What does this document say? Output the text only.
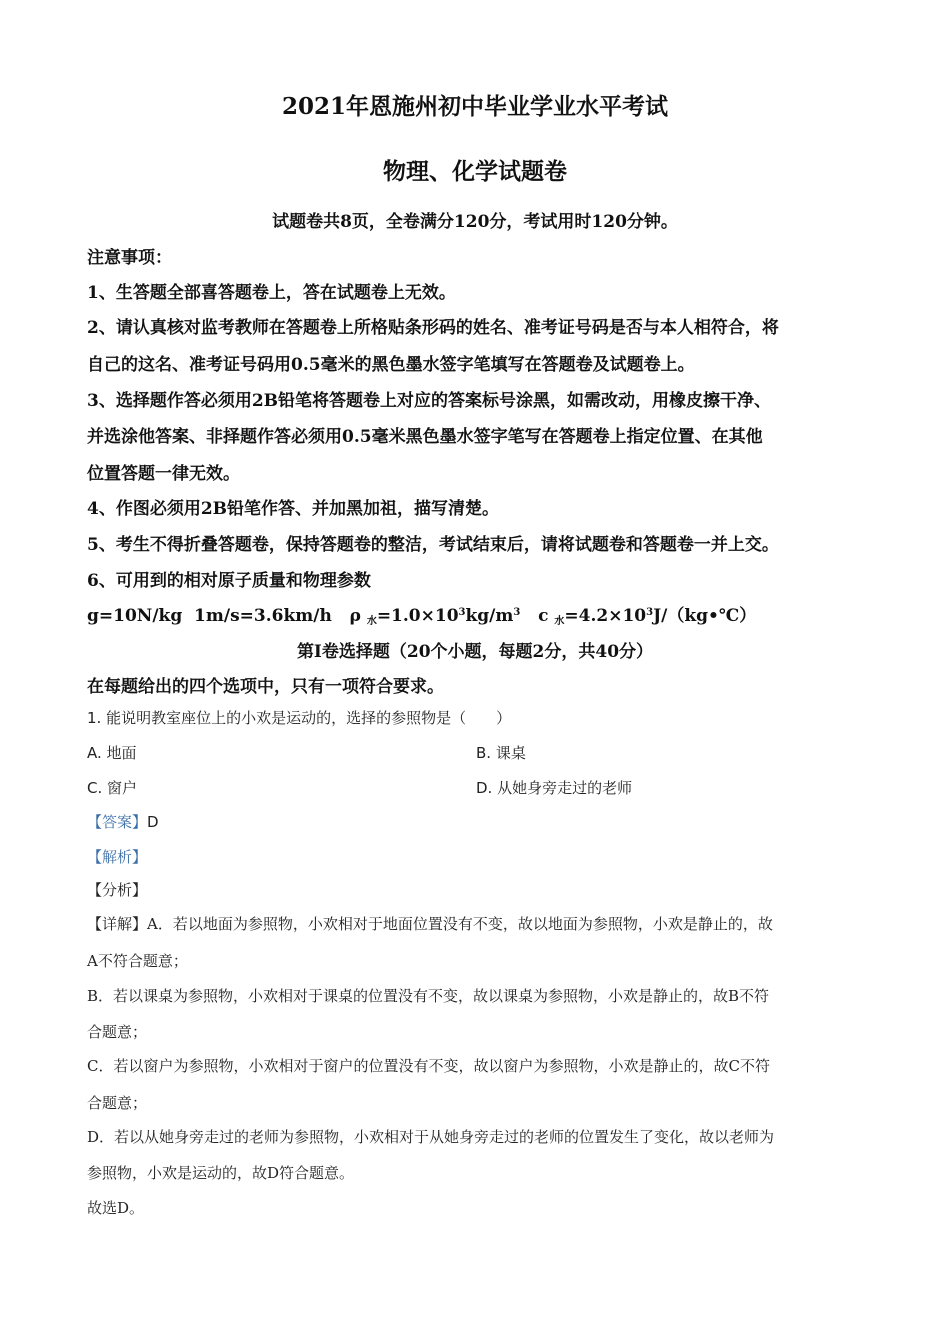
2021年恩施州初中毕业学业水平考试
物理、化学试题卷
试题卷共8页，全卷满分120分，考试用时120分钟。
注意事项：
1、生答题全部喜答题卷上，答在试题卷上无效。
2、请认真核对监考教师在答题卷上所格贴条形码的姓名、准考证号码是否与本人相符合，将
自己的这名、准考证号码用0.5毫米的黑色墨水签字笔填写在答题卷及试题卷上。
3、选择题作答必须用2B铅笔将答题卷上对应的答案标号涂黑，如需改动，用橡皮擦干净、
并选涂他答案、非择题作答必须用0.5毫米黑色墨水签字笔写在答题卷上指定位置、在其他
位置答题一律无效。
4、作图必须用2B铅笔作答、并加黑加祖，描写清楚。
5、考生不得折叠答题卷，保持答题卷的整洁，考试结束后，请将试题卷和答题卷一并上交。
6、可用到的相对原子质量和物理参数
g=10N/kg 1m/s=3.6km/h ρ $_水=1.0\times 10^3kg/m^3$ c $_水=4.2\times 10^3J/(kg•℃)$
第I卷选择题（20个小题，每题2分，共40分）
在每题给出的四个选项中，只有一项符合要求。
1. 能说明教室座位上的小欢是运动的，选择的参照物是（　　）
A. 地面	B. 课桌
C. 窗户	D. 从她身旁走过的老师
【答案】D
【解析】
【分析】
【详解】A．若以地面为参照物，小欢相对于地面位置没有不变，故以地面为参照物，小欢是静止的，故
A不符合题意；
B．若以课桌为参照物，小欢相对于课桌的位置没有不变，故以课桌为参照物，小欢是静止的，故B不符
合题意；
C．若以窗户为参照物，小欢相对于窗户的位置没有不变，故以窗户为参照物，小欢是静止的，故C不符
合题意；
D．若以从她身旁走过的老师为参照物，小欢相对于从她身旁走过的老师的位置发生了变化，故以老师为
参照物，小欢是运动的，故D符合题意。
故选D。
